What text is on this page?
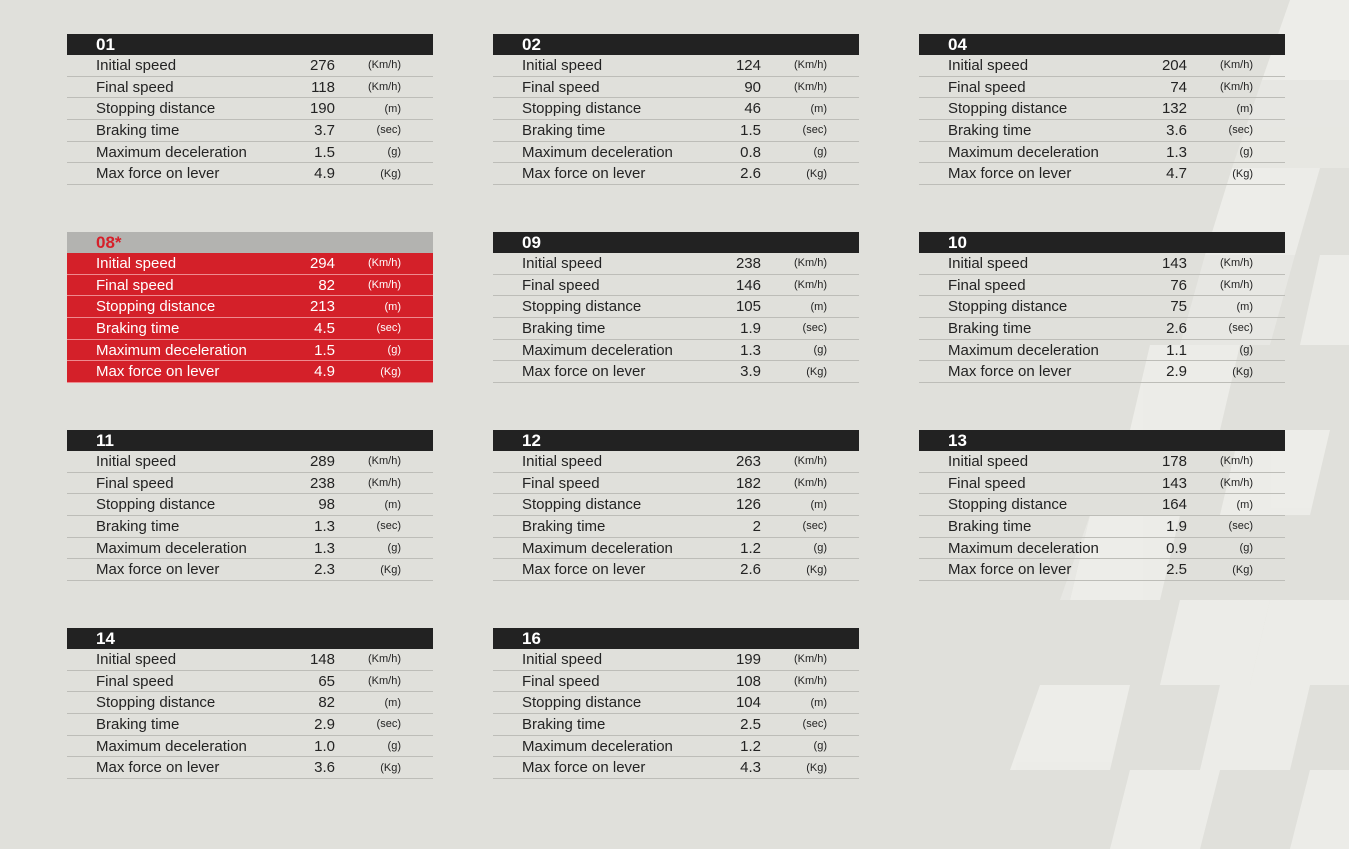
01
Initial speed	276	(Km/h)
Final speed	118	(Km/h)
Stopping distance	190	(m)
Braking time	3.7	(sec)
Maximum deceleration	1.5	(g)
Max force on lever	4.9	(Kg)
02
Initial speed	124	(Km/h)
Final speed	90	(Km/h)
Stopping distance	46	(m)
Braking time	1.5	(sec)
Maximum deceleration	0.8	(g)
Max force on lever	2.6	(Kg)
04
Initial speed	204	(Km/h)
Final speed	74	(Km/h)
Stopping distance	132	(m)
Braking time	3.6	(sec)
Maximum deceleration	1.3	(g)
Max force on lever	4.7	(Kg)
08*
Initial speed	294	(Km/h)
Final speed	82	(Km/h)
Stopping distance	213	(m)
Braking time	4.5	(sec)
Maximum deceleration	1.5	(g)
Max force on lever	4.9	(Kg)
09
Initial speed	238	(Km/h)
Final speed	146	(Km/h)
Stopping distance	105	(m)
Braking time	1.9	(sec)
Maximum deceleration	1.3	(g)
Max force on lever	3.9	(Kg)
10
Initial speed	143	(Km/h)
Final speed	76	(Km/h)
Stopping distance	75	(m)
Braking time	2.6	(sec)
Maximum deceleration	1.1	(g)
Max force on lever	2.9	(Kg)
11
Initial speed	289	(Km/h)
Final speed	238	(Km/h)
Stopping distance	98	(m)
Braking time	1.3	(sec)
Maximum deceleration	1.3	(g)
Max force on lever	2.3	(Kg)
12
Initial speed	263	(Km/h)
Final speed	182	(Km/h)
Stopping distance	126	(m)
Braking time	2	(sec)
Maximum deceleration	1.2	(g)
Max force on lever	2.6	(Kg)
13
Initial speed	178	(Km/h)
Final speed	143	(Km/h)
Stopping distance	164	(m)
Braking time	1.9	(sec)
Maximum deceleration	0.9	(g)
Max force on lever	2.5	(Kg)
14
Initial speed	148	(Km/h)
Final speed	65	(Km/h)
Stopping distance	82	(m)
Braking time	2.9	(sec)
Maximum deceleration	1.0	(g)
Max force on lever	3.6	(Kg)
16
Initial speed	199	(Km/h)
Final speed	108	(Km/h)
Stopping distance	104	(m)
Braking time	2.5	(sec)
Maximum deceleration	1.2	(g)
Max force on lever	4.3	(Kg)
